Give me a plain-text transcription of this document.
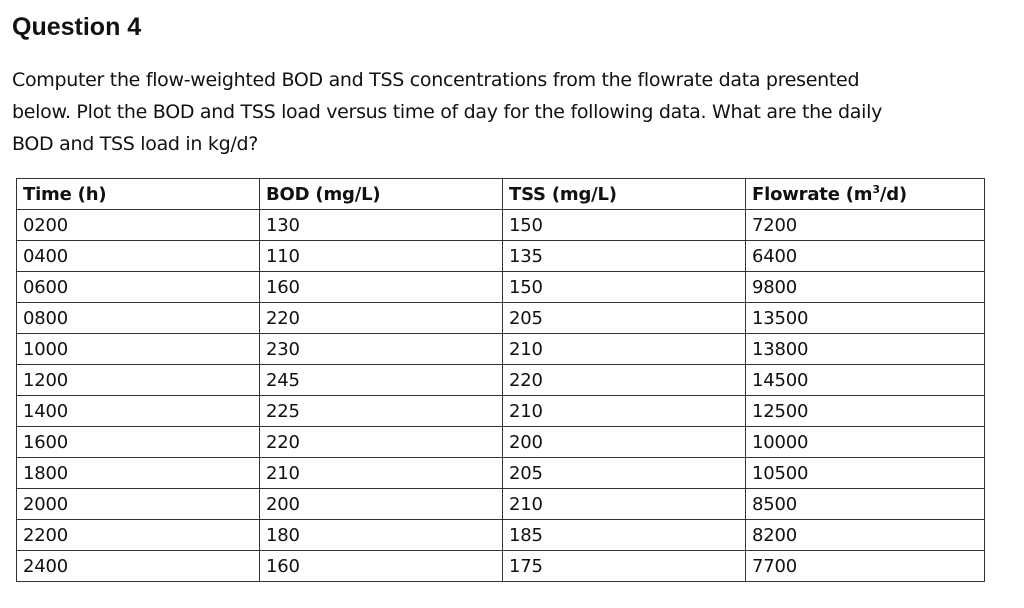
Question 4

Computer the flow-weighted BOD and TSS concentrations from the flowrate data presented
below. Plot the BOD and TSS load versus time of day for the following data. What are the daily
BOD and TSS load in kg/d?

Time (h)	BOD (mg/L)	TSS (mg/L)	Flowrate $(m^3/d)$
0200	130	150	7200
0400	110	135	6400
0600	160	150	9800
0800	220	205	13500
1000	230	210	13800
1200	245	220	14500
1400	225	210	12500
1600	220	200	10000
1800	210	205	10500
2000	200	210	8500
2200	180	185	8200
2400	160	175	7700
